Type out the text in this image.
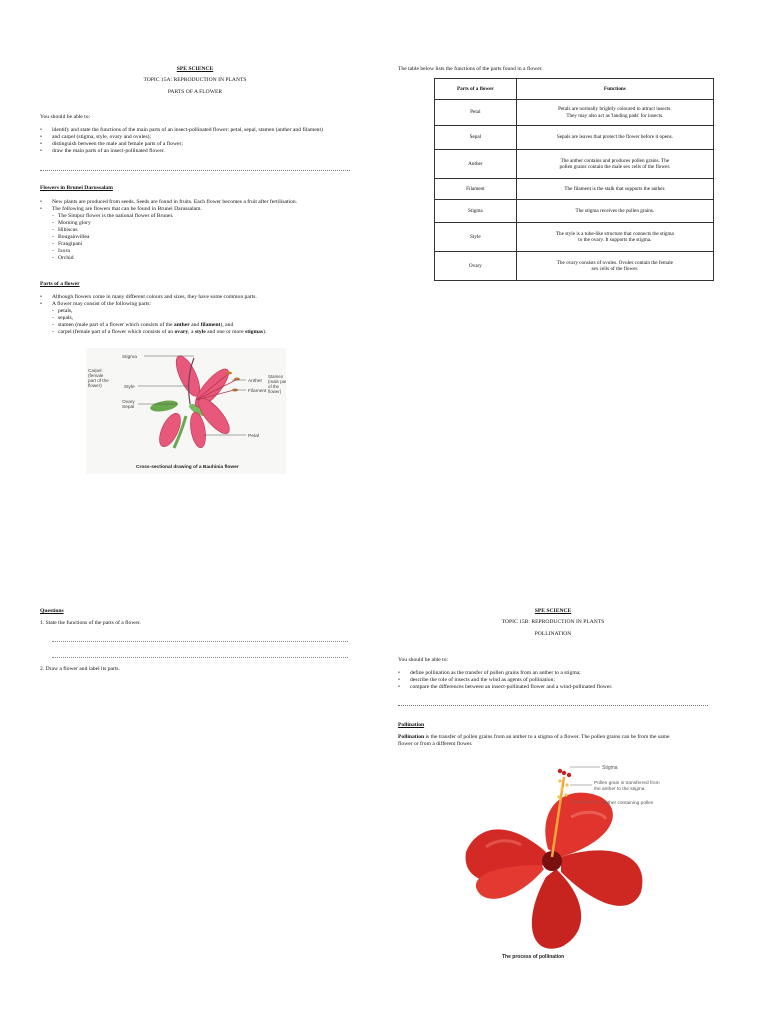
SPE SCIENCE
TOPIC 15A: REPRODUCTION IN PLANTS
PARTS OF A FLOWER
You should be able to:
• identify and state the functions of the main parts of an insect-pollinated flower: petal, sepal, stamen (anther and filament)
• and carpel (stigma, style, ovary and ovules);
• distinguish between the male and female parts of a flower;
• draw the main parts of an insect-pollinated flower.
Flowers in Brunei Darussalam
• New plants are produced from seeds. Seeds are found in fruits. Each flower becomes a fruit after fertilisation.
• The following are flowers that can be found in Brunei Darussalam.
- The Simpur flower is the national flower of Brunei.
- Morning glory
- Hibiscus
- Bougainvillea
- Frangipani
- Ixora
- Orchid
Parts of a flower
• Although flowers come in many different colours and sizes, they have some common parts.
• A flower may consist of the following parts:
- petals,
- sepals,
- stamen (male part of a flower which consists of the anther and filament), and
- carpel (female part of a flower which consists of an ovary, a style and one or more stigmas).
Stigma
Carpel
(female
part of the
flower)	Style
Ovary
Sepal
Anther
Filament
Stamen
(male part
of the
flower)
Petal
Cross-sectional drawing of a Bauhinia flower
The table below lists the functions of the parts found in a flower.
Parts of a flower	Functions
Petal	Petals are normally brightly coloured to attract insects.
They may also act as 'landing pads' for insects.
Sepal	Sepals are leaves that protect the flower before it opens.
Anther	The anther contains and produces pollen grains. The
pollen grains contain the male sex cells of the flower.
Filament	The filament is the stalk that supports the anther.
Stigma	The stigma receives the pollen grains.
Style	The style is a tube-like structure that connects the stigma
to the ovary. It supports the stigma.
Ovary	The ovary consists of ovules. Ovules contain the female
sex cells of the flower.
Questions
1. State the functions of the parts of a flower.
2. Draw a flower and label its parts.
SPE SCIENCE
TOPIC 15B: REPRODUCTION IN PLANTS
POLLINATION
You should be able to:
• define pollination as the transfer of pollen grains from an anther to a stigma;
• describe the role of insects and the wind as agents of pollination;
• compare the differences between an insect-pollinated flower and a wind-pollinated flower.
Pollination
Pollination is the transfer of pollen grains from an anther to a stigma of a flower. The pollen grains can be from the same
flower or from a different flower.
Stigma
Pollen grain is transferred from
the anther to the stigma.
Anther containing pollen
The process of pollination
